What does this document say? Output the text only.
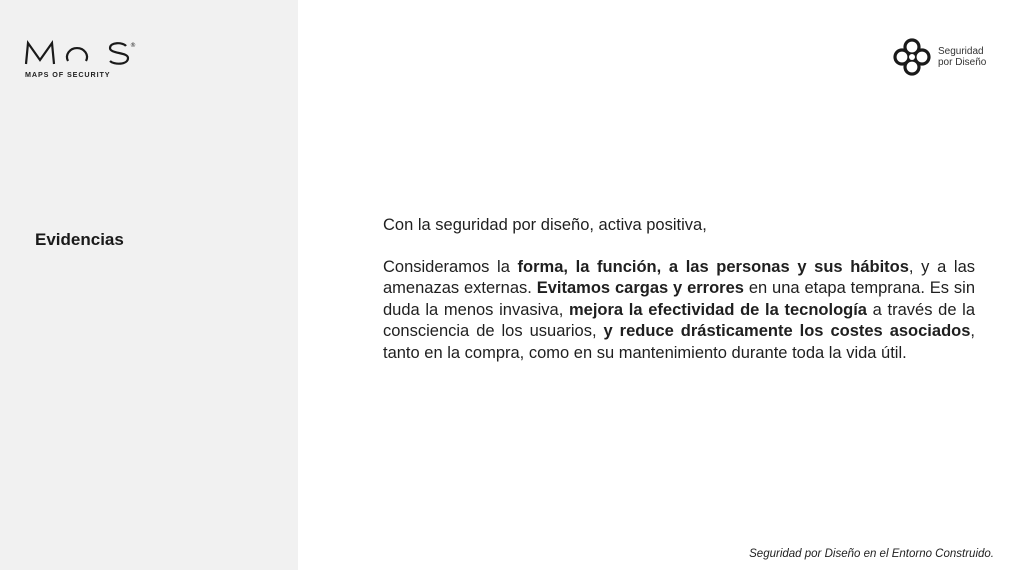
®
MAPS OF SECURITY
Evidencias
Seguridad
por Diseño

Con la seguridad por diseño, activa positiva,

Consideramos la forma, la función, a las personas y sus hábitos, y a las amenazas externas. Evitamos cargas y errores en una etapa temprana. Es sin duda la menos invasiva, mejora la efectividad de la tecnología a través de la consciencia de los usuarios, y reduce drásticamente los costes asociados, tanto en la compra, como en su mantenimiento durante toda la vida útil.

Seguridad por Diseño en el Entorno Construido.
